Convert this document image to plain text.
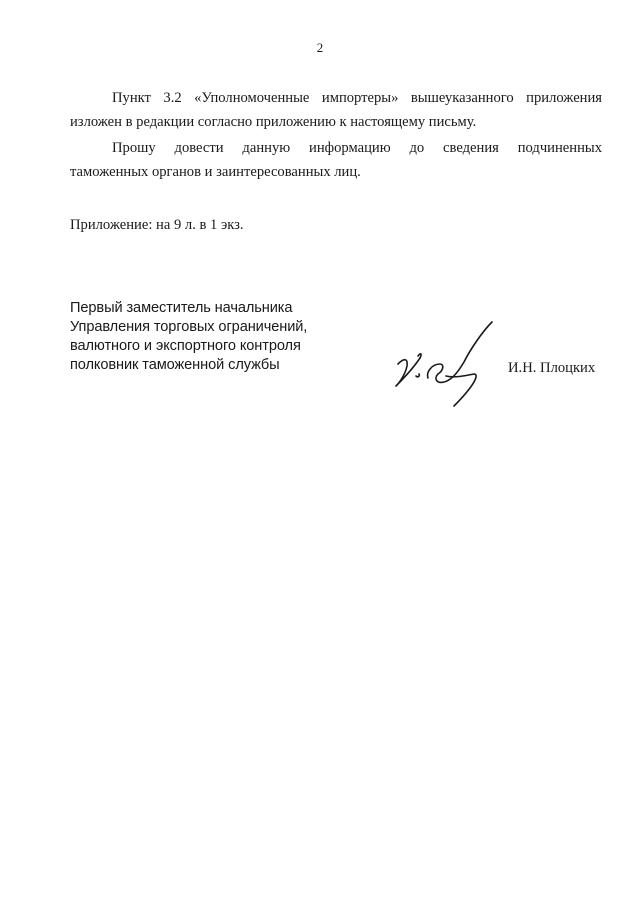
2
Пункт 3.2 «Уполномоченные импортеры» вышеуказанного приложения
изложен в редакции согласно приложению к настоящему письму.
Прошу довести данную информацию до сведения подчиненных
таможенных органов и заинтересованных лиц.
Приложение: на 9 л. в 1 экз.
Первый заместитель начальника
Управления торговых ограничений,
валютного и экспортного контроля
полковник таможенной службы	И.Н. Плоцких
